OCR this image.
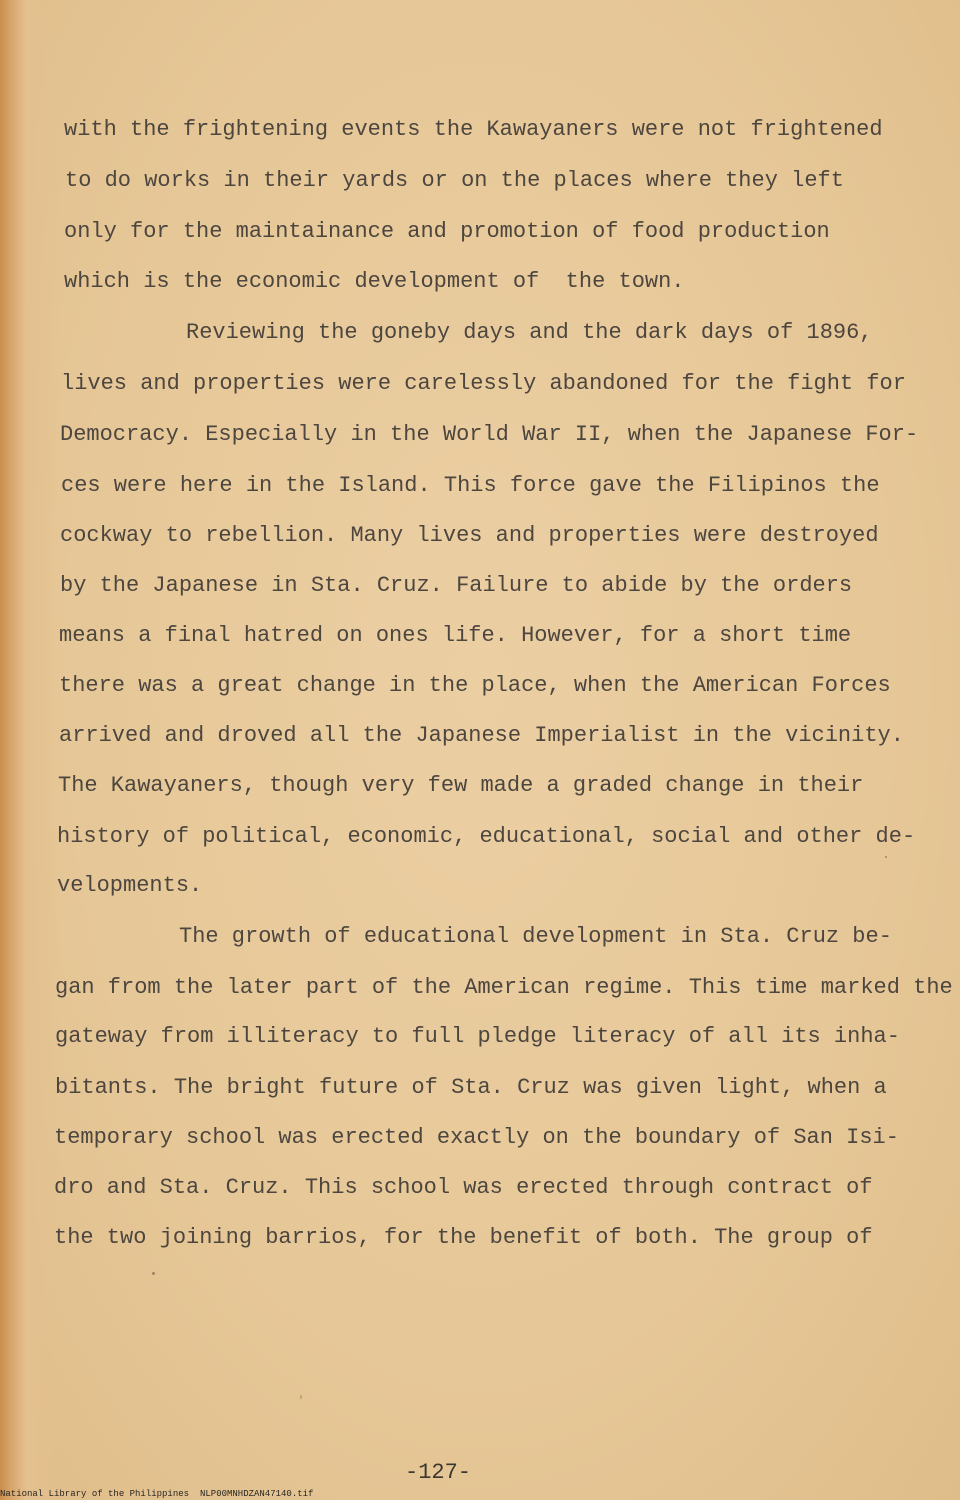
with the frightening events the Kawayaners were not frightened
to do works in their yards or on the places where they left
only for the maintainance and promotion of food production
which is the economic development of  the town.
Reviewing the goneby days and the dark days of 1896,
lives and properties were carelessly abandoned for the fight for
Democracy. Especially in the World War II, when the Japanese For-
ces were here in the Island. This force gave the Filipinos the
cockway to rebellion. Many lives and properties were destroyed
by the Japanese in Sta. Cruz. Failure to abide by the orders
means a final hatred on ones life. However, for a short time
there was a great change in the place, when the American Forces
arrived and droved all the Japanese Imperialist in the vicinity.
The Kawayaners, though very few made a graded change in their
history of political, economic, educational, social and other de-
velopments.
The growth of educational development in Sta. Cruz be-
gan from the later part of the American regime. This time marked the
gateway from illiteracy to full pledge literacy of all its inha-
bitants. The bright future of Sta. Cruz was given light, when a
temporary school was erected exactly on the boundary of San Isi-
dro and Sta. Cruz. This school was erected through contract of
the two joining barrios, for the benefit of both. The group of
-127-
National Library of the Philippines NLP00MNHDZAN47140.tif
